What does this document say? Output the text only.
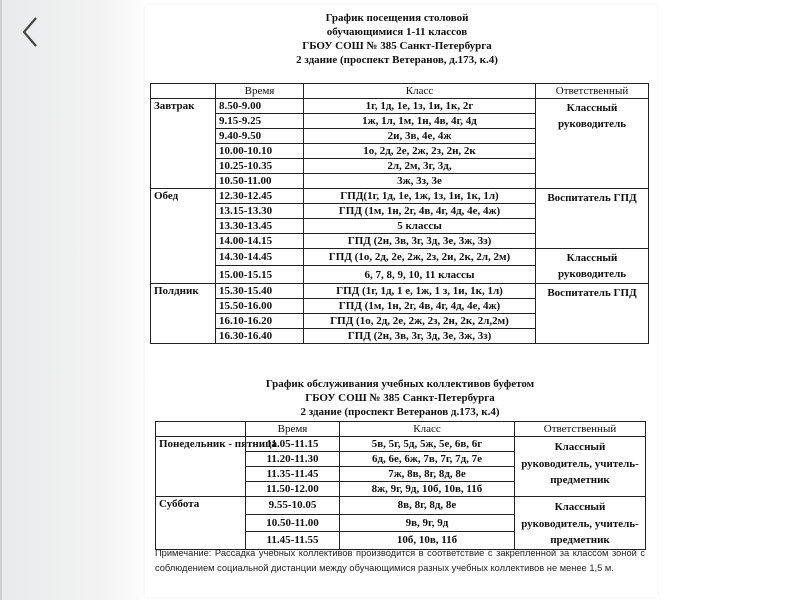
График посещения столовой
обучающимися 1-11 классов
ГБОУ СОШ № 385 Санкт-Петербурга
2 здание (проспект Ветеранов, д.173, к.4)
	Время	Класс	Ответственный
Завтрак	8.50-9.00	1г, 1д, 1е, 1з, 1и, 1к, 2г	Классный руководитель
	9.15-9.25	1ж, 1л, 1м, 1н, 4в, 4г, 4д	
	9.40-9.50	2и, 3в, 4е, 4ж	
	10.00-10.10	1о, 2д, 2е, 2ж, 2з, 2н, 2к	
	10.25-10.35	2л, 2м, 3г, 3д,	
	10.50-11.00	3ж, 3з, 3е	
Обед	12.30-12.45	ГПД(1г, 1д, 1е, 1ж, 1з, 1и, 1к, 1л)	Воспитатель ГПД
	13.15-13.30	ГПД (1м, 1н, 2г, 4в, 4г, 4д, 4е, 4ж)	
	13.30-13.45	5 классы	
	14.00-14.15	ГПД (2н, 3в, 3г, 3д, 3е, 3ж, 3з)	
	14.30-14.45	ГПД (1о, 2д, 2е, 2ж, 2з, 2и, 2к, 2л, 2м)	Классный руководитель
	15.00-15.15	6, 7, 8, 9, 10, 11 классы	
Полдник	15.30-15.40	ГПД (1г, 1д, 1 е, 1ж, 1 з, 1и, 1к, 1л)	Воспитатель ГПД
	15.50-16.00	ГПД (1м, 1н, 2г, 4в, 4г, 4д, 4е, 4ж)	
	16.10-16.20	ГПД (1о, 2д, 2е, 2ж, 2з, 2н, 2к, 2л,2м)	
	16.30-16.40	ГПД (2н, 3в, 3г, 3д, 3е, 3ж, 3з)	
График обслуживания учебных коллективов буфетом
ГБОУ СОШ № 385 Санкт-Петербурга
2 здание (проспект Ветеранов д.173, к.4)
	Время	Класс	Ответственный
Понедельник - пятница	11.05-11.15	5в, 5г, 5д, 5ж, 5е, 6в, 6г	Классный руководитель, учитель-предметник
	11.20-11.30	6д, 6е, 6ж, 7в, 7г, 7д, 7е	
	11.35-11.45	7ж, 8в, 8г, 8д, 8е	
	11.50-12.00	8ж, 9г, 9д, 10б, 10в, 11б	
Суббота	9.55-10.05	8в, 8г, 8д, 8е	Классный руководитель, учитель-предметник
	10.50-11.00	9в, 9г, 9д	
	11.45-11.55	10б, 10в, 11б	
Примечание: Рассадка учебных коллективов производится в соответствие с закрепленной за классом зоной с соблюдением социальной дистанции между обучающимися разных учебных коллективов не менее 1,5 м.
